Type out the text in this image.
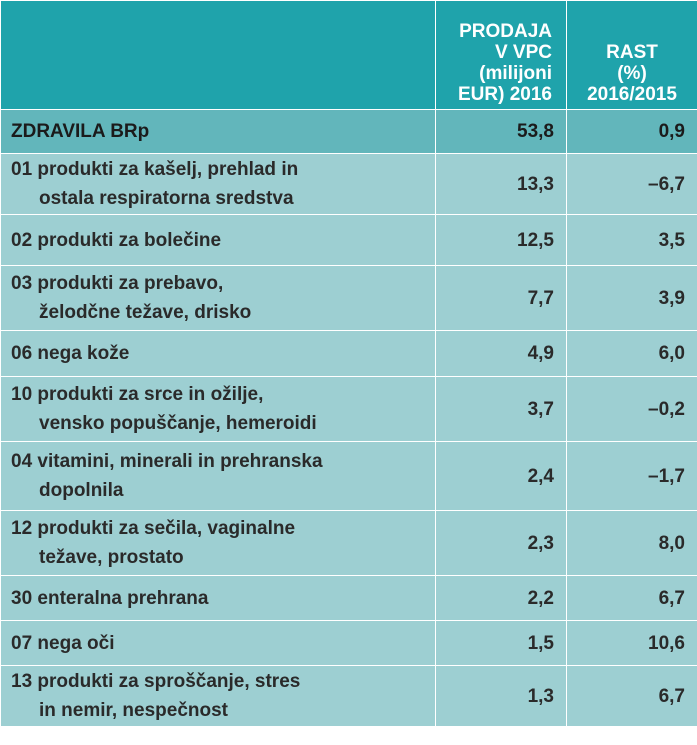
	PRODAJA
V VPC
(milijoni
EUR) 2016	RAST
(%)
2016/2015

ZDRAVILA BRp	53,8	0,9

01 produkti za kašelj, prehlad in
ostala respiratorna sredstva	13,3	–6,7

02 produkti za bolečine	12,5	3,5

03 produkti za prebavo,
želodčne težave, drisko	7,7	3,9

06 nega kože	4,9	6,0

10 produkti za srce in ožilje,
vensko popuščanje, hemeroidi	3,7	–0,2

04 vitamini, minerali in prehranska
dopolnila	2,4	–1,7

12 produkti za sečila, vaginalne
težave, prostato	2,3	8,0

30 enteralna prehrana	2,2	6,7

07 nega oči	1,5	10,6

13 produkti za sproščanje, stres
in nemir, nespečnost	1,3	6,7
